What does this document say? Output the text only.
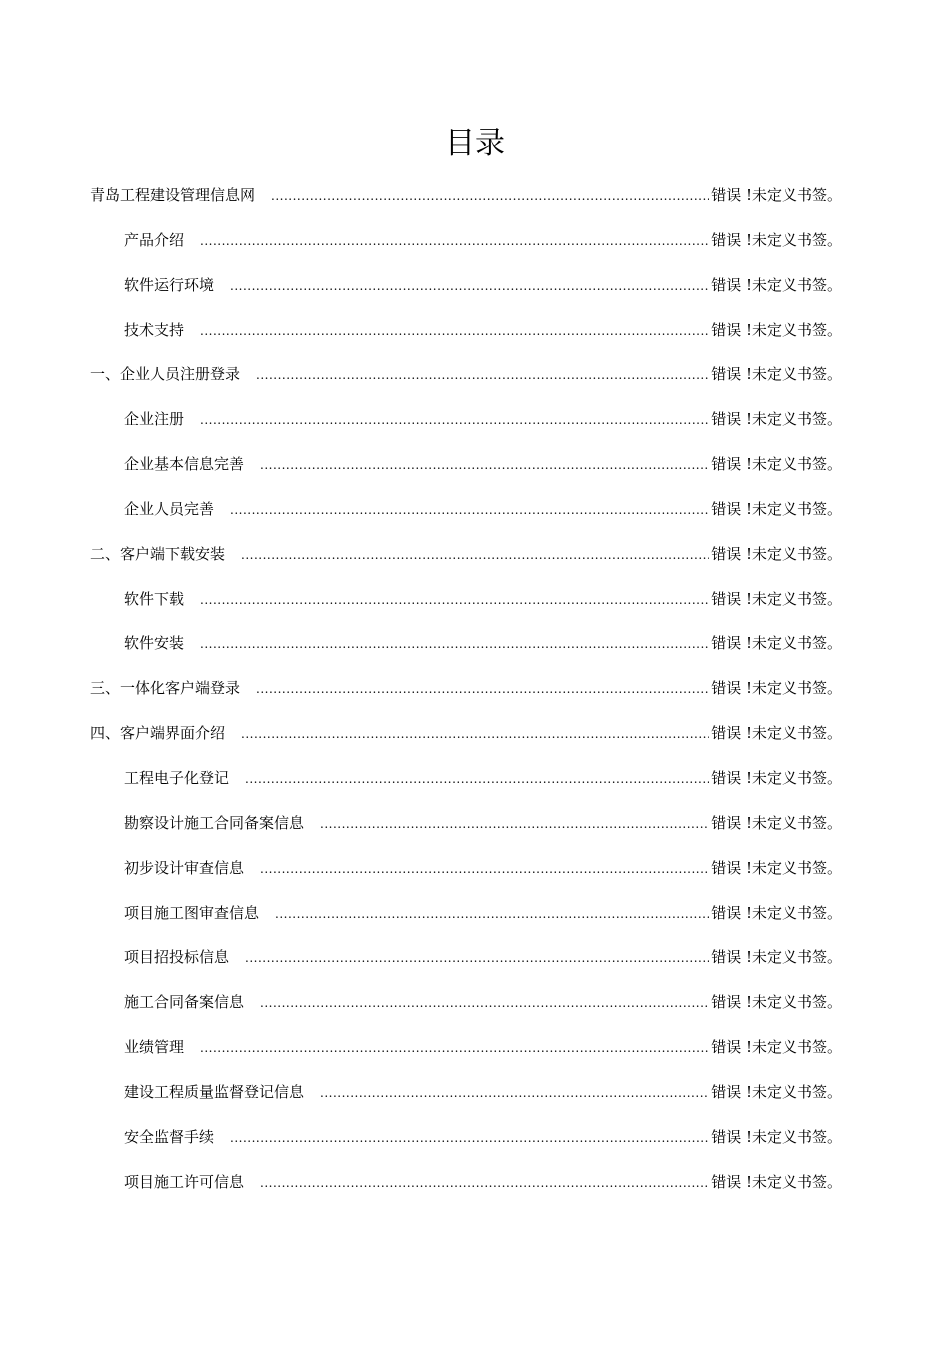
目录
青岛工程建设管理信息网 .....	错误 !未定义书签。
产品介绍 .....	错误 !未定义书签。
软件运行环境 .....	错误 !未定义书签。
技术支持 .....	错误 !未定义书签。
一、企业人员注册登录 .....	错误 !未定义书签。
企业注册 .....	错误 !未定义书签。
企业基本信息完善 .....	错误 !未定义书签。
企业人员完善 .....	错误 !未定义书签。
二、客户端下载安装 .....	错误 !未定义书签。
软件下载 .....	错误 !未定义书签。
软件安装 .....	错误 !未定义书签。
三、一体化客户端登录 .....	错误 !未定义书签。
四、客户端界面介绍 .....	错误 !未定义书签。
工程电子化登记 .....	错误 !未定义书签。
勘察设计施工合同备案信息 .....	错误 !未定义书签。
初步设计审查信息 .....	错误 !未定义书签。
项目施工图审查信息 .....	错误 !未定义书签。
项目招投标信息 .....	错误 !未定义书签。
施工合同备案信息 .....	错误 !未定义书签。
业绩管理 .....	错误 !未定义书签。
建设工程质量监督登记信息 .....	错误 !未定义书签。
安全监督手续 .....	错误 !未定义书签。
项目施工许可信息 .....	错误 !未定义书签。
